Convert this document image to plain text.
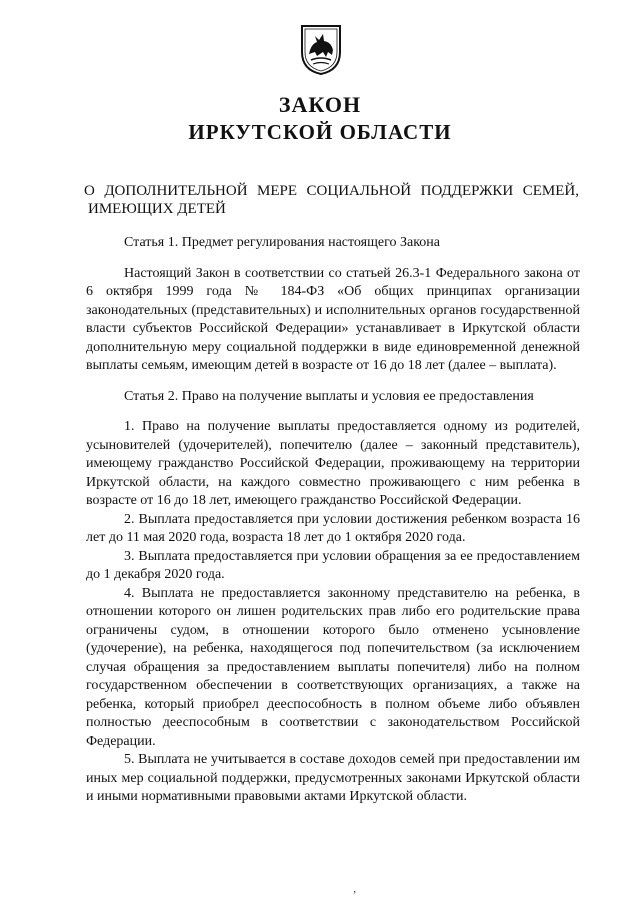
ЗАКОН
ИРКУТСКОЙ ОБЛАСТИ
О ДОПОЛНИТЕЛЬНОЙ МЕРЕ СОЦИАЛЬНОЙ ПОДДЕРЖКИ СЕМЕЙ,
ИМЕЮЩИХ ДЕТЕЙ

Статья 1. Предмет регулирования настоящего Закона

Настоящий Закон в соответствии со статьей 26.3-1 Федерального закона от 6 октября 1999 года № 184-ФЗ «Об общих принципах организации законодательных (представительных) и исполнительных органов государственной власти субъектов Российской Федерации» устанавливает в Иркутской области дополнительную меру социальной поддержки в виде единовременной денежной выплаты семьям, имеющим детей в возрасте от 16 до 18 лет (далее – выплата).

Статья 2. Право на получение выплаты и условия ее предоставления

1. Право на получение выплаты предоставляется одному из родителей, усыновителей (удочерителей), попечителю (далее – законный представитель), имеющему гражданство Российской Федерации, проживающему на территории Иркутской области, на каждого совместно проживающего с ним ребенка в возрасте от 16 до 18 лет, имеющего гражданство Российской Федерации.

2. Выплата предоставляется при условии достижения ребенком возраста 16 лет до 11 мая 2020 года, возраста 18 лет до 1 октября 2020 года.

3. Выплата предоставляется при условии обращения за ее предоставлением до 1 декабря 2020 года.

4. Выплата не предоставляется законному представителю на ребенка, в отношении которого он лишен родительских прав либо его родительские права ограничены судом, в отношении которого было отменено усыновление (удочерение), на ребенка, находящегося под попечительством (за исключением случая обращения за предоставлением выплаты попечителя) либо на полном государственном обеспечении в соответствующих организациях, а также на ребенка, который приобрел дееспособность в полном объеме либо объявлен полностью дееспособным в соответствии с законодательством Российской Федерации.

5. Выплата не учитывается в составе доходов семей при предоставлении им иных мер социальной поддержки, предусмотренных законами Иркутской области и иными нормативными правовыми актами Иркутской области.

‚
